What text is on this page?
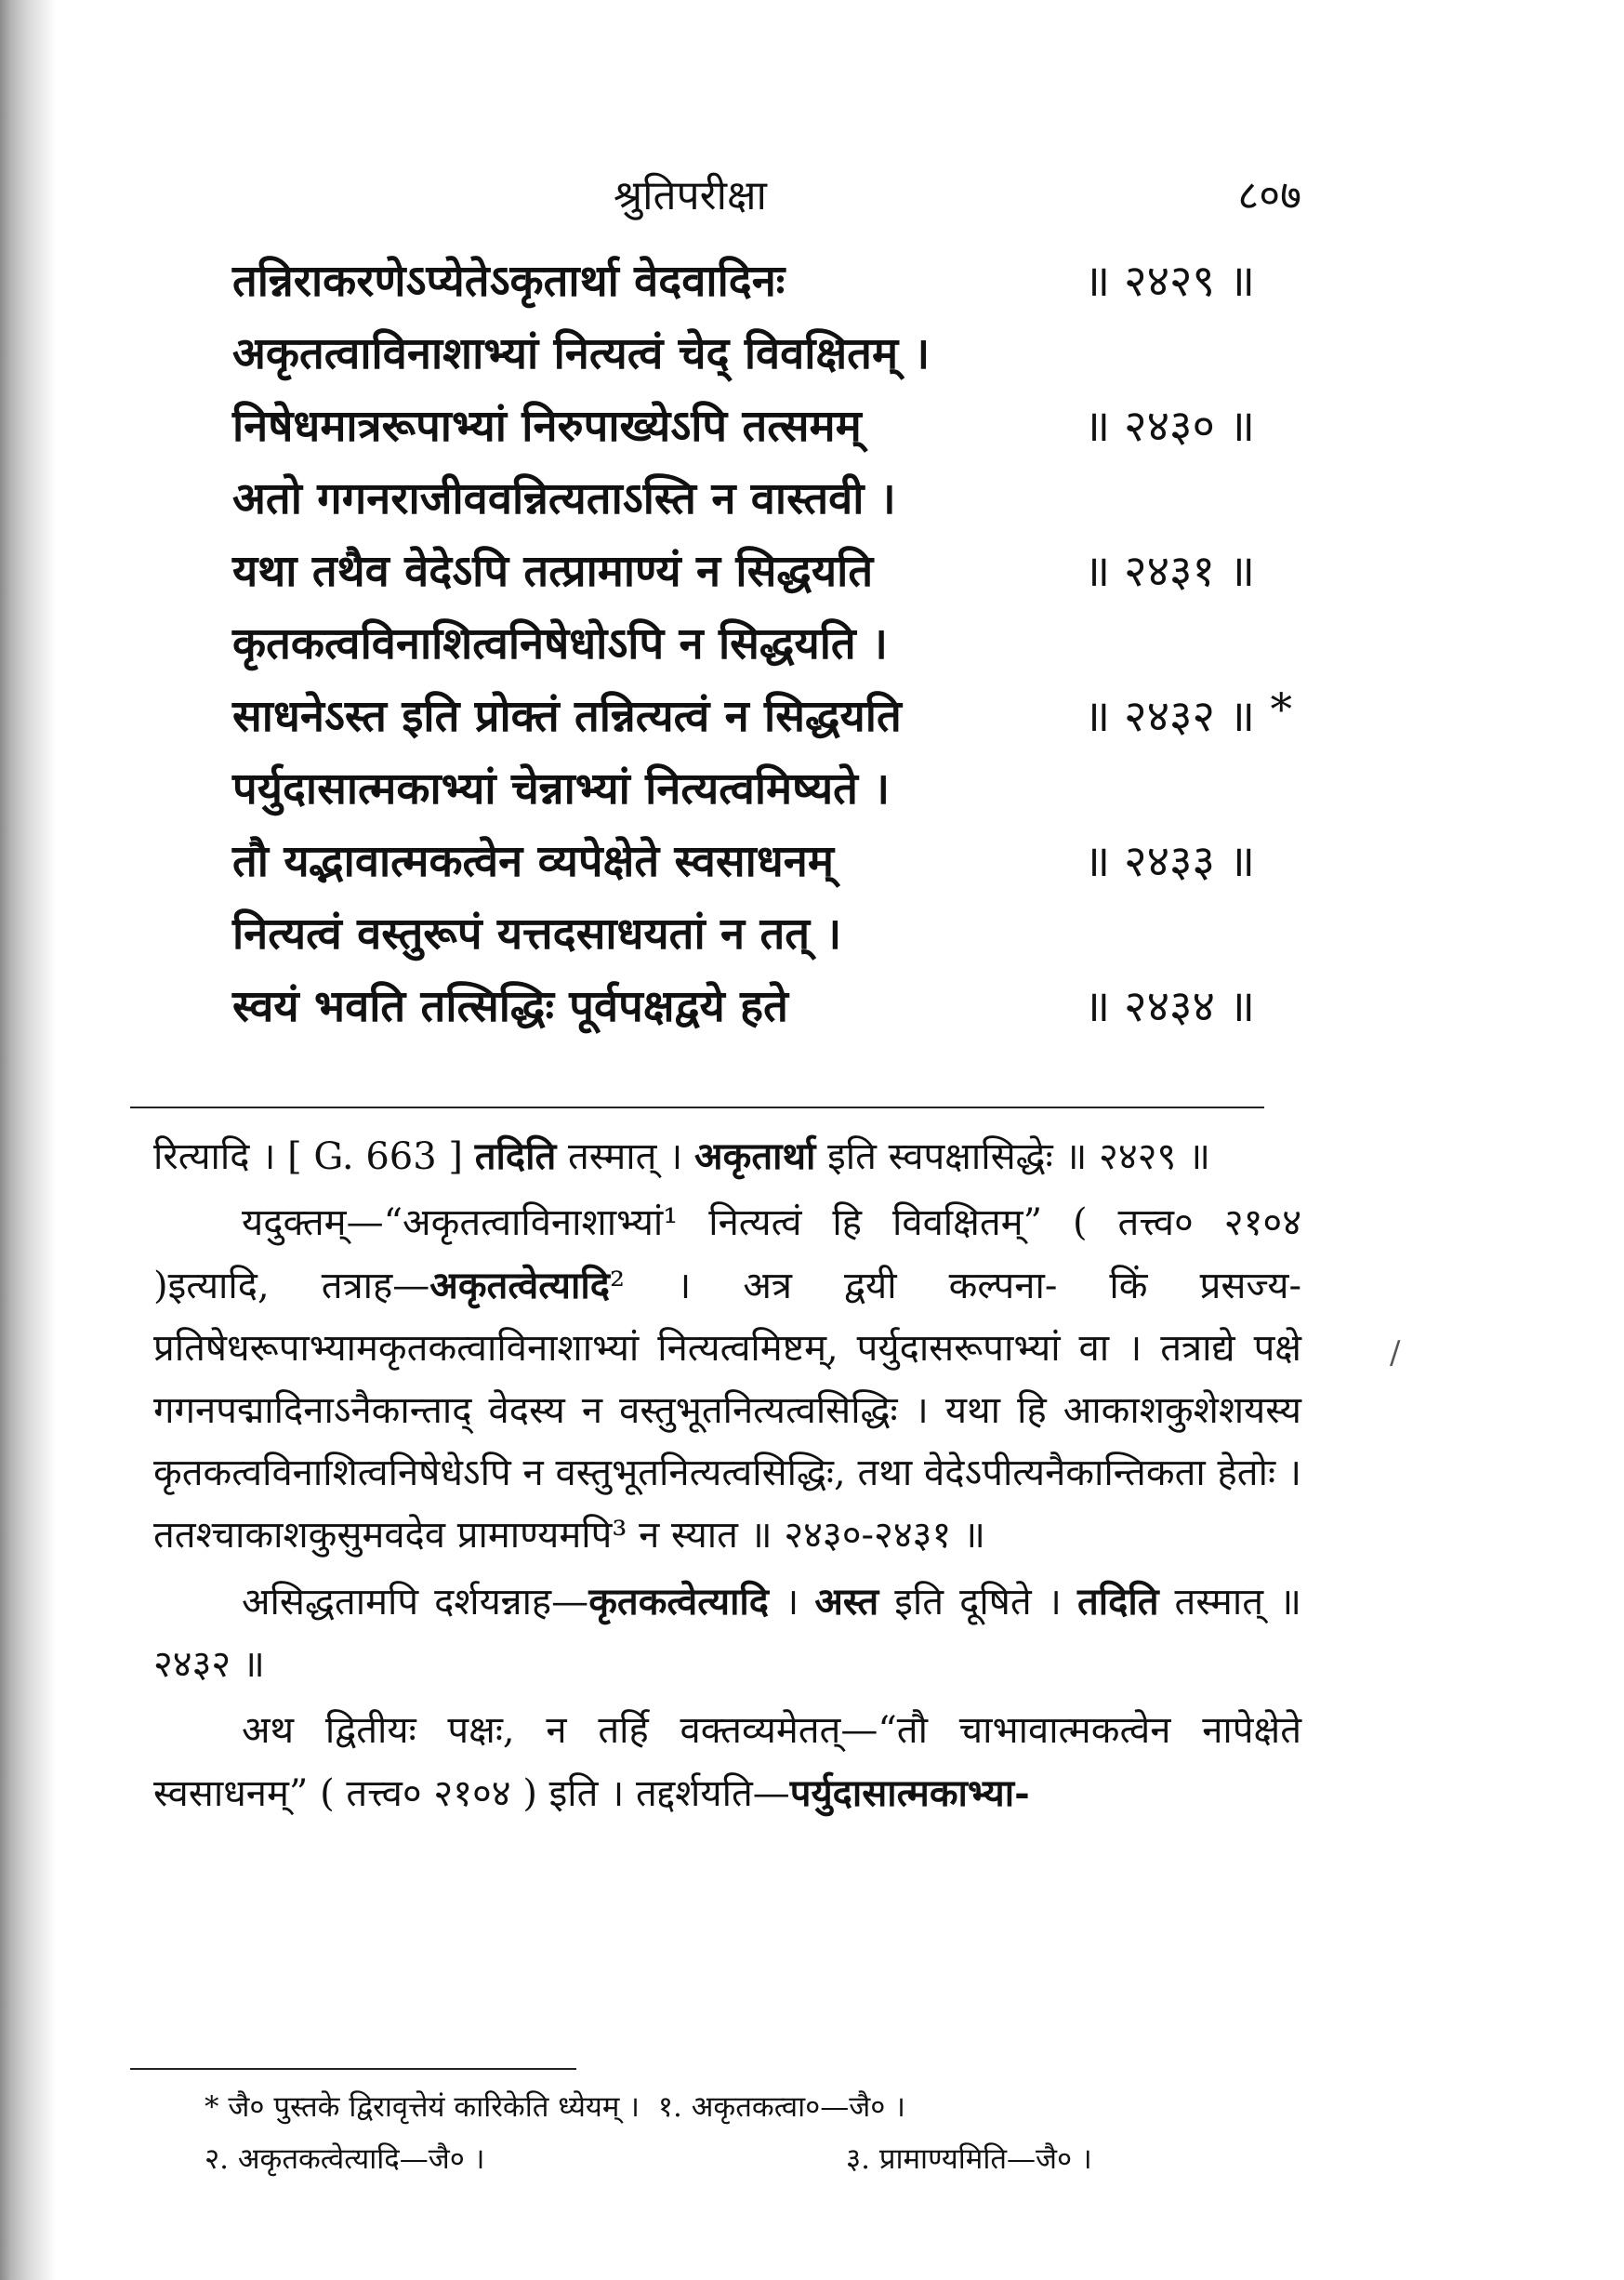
श्रुतिपरीक्षा	८०७
तन्निराकरणेऽप्येतेऽकृतार्था वेदवादिनः	॥ २४२९ ॥
अकृतत्वाविनाशाभ्यां नित्यत्वं चेद् विवक्षितम् ।
निषेधमात्ररूपाभ्यां निरुपाख्येऽपि तत्समम्	॥ २४३० ॥
अतो गगनराजीववन्नित्यताऽस्ति न वास्तवी ।
यथा तथैव वेदेऽपि तत्प्रामाण्यं न सिद्धयति	॥ २४३१ ॥
कृतकत्वविनाशित्वनिषेधोऽपि न सिद्धयति ।
साधनेऽस्त इति प्रोक्तं तन्नित्यत्वं न सिद्धयति	॥ २४३२ ॥ *
पर्युदासात्मकाभ्यां चेन्नाभ्यां नित्यत्वमिष्यते ।
तौ यद्भावात्मकत्वेन व्यपेक्षेते स्वसाधनम्	॥ २४३३ ॥
नित्यत्वं वस्तुरूपं यत्तदसाधयतां न तत् ।
स्वयं भवति तत्सिद्धिः पूर्वपक्षद्वये हते	॥ २४३४ ॥

रित्यादि । [ G. 663 ] तदिति तस्मात् । अकृतार्था इति स्वपक्षासिद्धेः ॥ २४२९ ॥

यदुक्तम्—“अकृतत्वाविनाशाभ्यां¹ नित्यत्वं हि विवक्षितम्” ( तत्त्व० २१०४ )इत्यादि, तत्राह—अकृतत्वेत्यादि² । अत्र द्वयी कल्पना- किं प्रसज्य-प्रतिषेधरूपाभ्यामकृतकत्वाविनाशाभ्यां नित्यत्वमिष्टम्, पर्युदासरूपाभ्यां वा । तत्राद्ये पक्षे गगनपद्मादिनाऽनैकान्ताद् वेदस्य न वस्तुभूतनित्यत्वसिद्धिः । यथा हि आकाशकुशेशयस्य कृतकत्वविनाशित्वनिषेधेऽपि न वस्तुभूतनित्यत्वसिद्धिः, तथा वेदेऽपीत्यनैकान्तिकता हेतोः । ततश्चाकाशकुसुमवदेव प्रामाण्यमपि³ न स्यात ॥ २४३०-२४३१ ॥

असिद्धतामपि दर्शयन्नाह—कृतकत्वेत्यादि । अस्त इति दूषिते । तदिति तस्मात् ॥ २४३२ ॥

अथ द्वितीयः पक्षः, न तर्हि वक्तव्यमेतत्—“तौ चाभावात्मकत्वेन नापेक्षेते स्वसाधनम्” ( तत्त्व० २१०४ ) इति । तद्दर्शयति—पर्युदासात्मकाभ्या-

/
* जै० पुस्तके द्विरावृत्तेयं कारिकेति ध्येयम् । १. अकृतकत्वा०—जै० ।
२. अकृतकत्वेत्यादि—जै० ।	३. प्रामाण्यमिति—जै० ।
